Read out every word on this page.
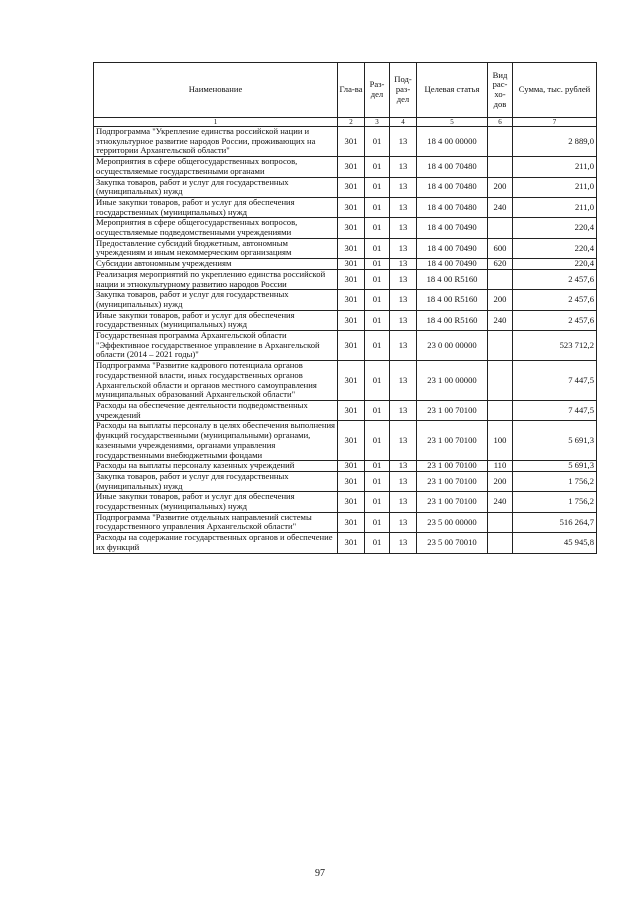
Наименование	Гла-ва	Раз-дел	Под-раз-дел	Целевая статья	Вид рас-хо-дов	Сумма, тыс. рублей
1	2	3	4	5	6	7
Подпрограмма "Укрепление единства российской нации и этнокультурное развитие народов России, проживающих на территории Архангельской области"	301	01	13	18 4 00 00000		2 889,0
Мероприятия в сфере общегосударственных вопросов, осуществляемые государственными органами	301	01	13	18 4 00 70480		211,0
Закупка товаров, работ и услуг для государственных (муниципальных) нужд	301	01	13	18 4 00 70480	200	211,0
Иные закупки товаров, работ и услуг для обеспечения государственных (муниципальных) нужд	301	01	13	18 4 00 70480	240	211,0
Мероприятия в сфере общегосударственных вопросов, осуществляемые подведомственными учреждениями	301	01	13	18 4 00 70490		220,4
Предоставление субсидий бюджетным, автономным учреждениям и иным некоммерческим организациям	301	01	13	18 4 00 70490	600	220,4
Субсидии автономным учреждениям	301	01	13	18 4 00 70490	620	220,4
Реализация мероприятий по укреплению единства российской нации и этнокультурному развитию народов России	301	01	13	18 4 00 R5160		2 457,6
Закупка товаров, работ и услуг для государственных (муниципальных) нужд	301	01	13	18 4 00 R5160	200	2 457,6
Иные закупки товаров, работ и услуг для обеспечения государственных (муниципальных) нужд	301	01	13	18 4 00 R5160	240	2 457,6
Государственная программа Архангельской области "Эффективное государственное управление в Архангельской области (2014 – 2021 годы)"	301	01	13	23 0 00 00000		523 712,2
Подпрограмма "Развитие кадрового потенциала органов государственной власти, иных государственных органов Архангельской области и органов местного самоуправления муниципальных образований Архангельской области"	301	01	13	23 1 00 00000		7 447,5
Расходы на обеспечение деятельности подведомственных учреждений	301	01	13	23 1 00 70100		7 447,5
Расходы на выплаты персоналу в целях обеспечения выполнения функций государственными (муниципальными) органами, казенными учреждениями, органами управления государственными внебюджетными фондами	301	01	13	23 1 00 70100	100	5 691,3
Расходы на выплаты персоналу казенных учреждений	301	01	13	23 1 00 70100	110	5 691,3
Закупка товаров, работ и услуг для государственных (муниципальных) нужд	301	01	13	23 1 00 70100	200	1 756,2
Иные закупки товаров, работ и услуг для обеспечения государственных (муниципальных) нужд	301	01	13	23 1 00 70100	240	1 756,2
Подпрограмма "Развитие отдельных направлений системы государственного управления Архангельской области"	301	01	13	23 5 00 00000		516 264,7
Расходы на содержание государственных органов и обеспечение их функций	301	01	13	23 5 00 70010		45 945,8
97
